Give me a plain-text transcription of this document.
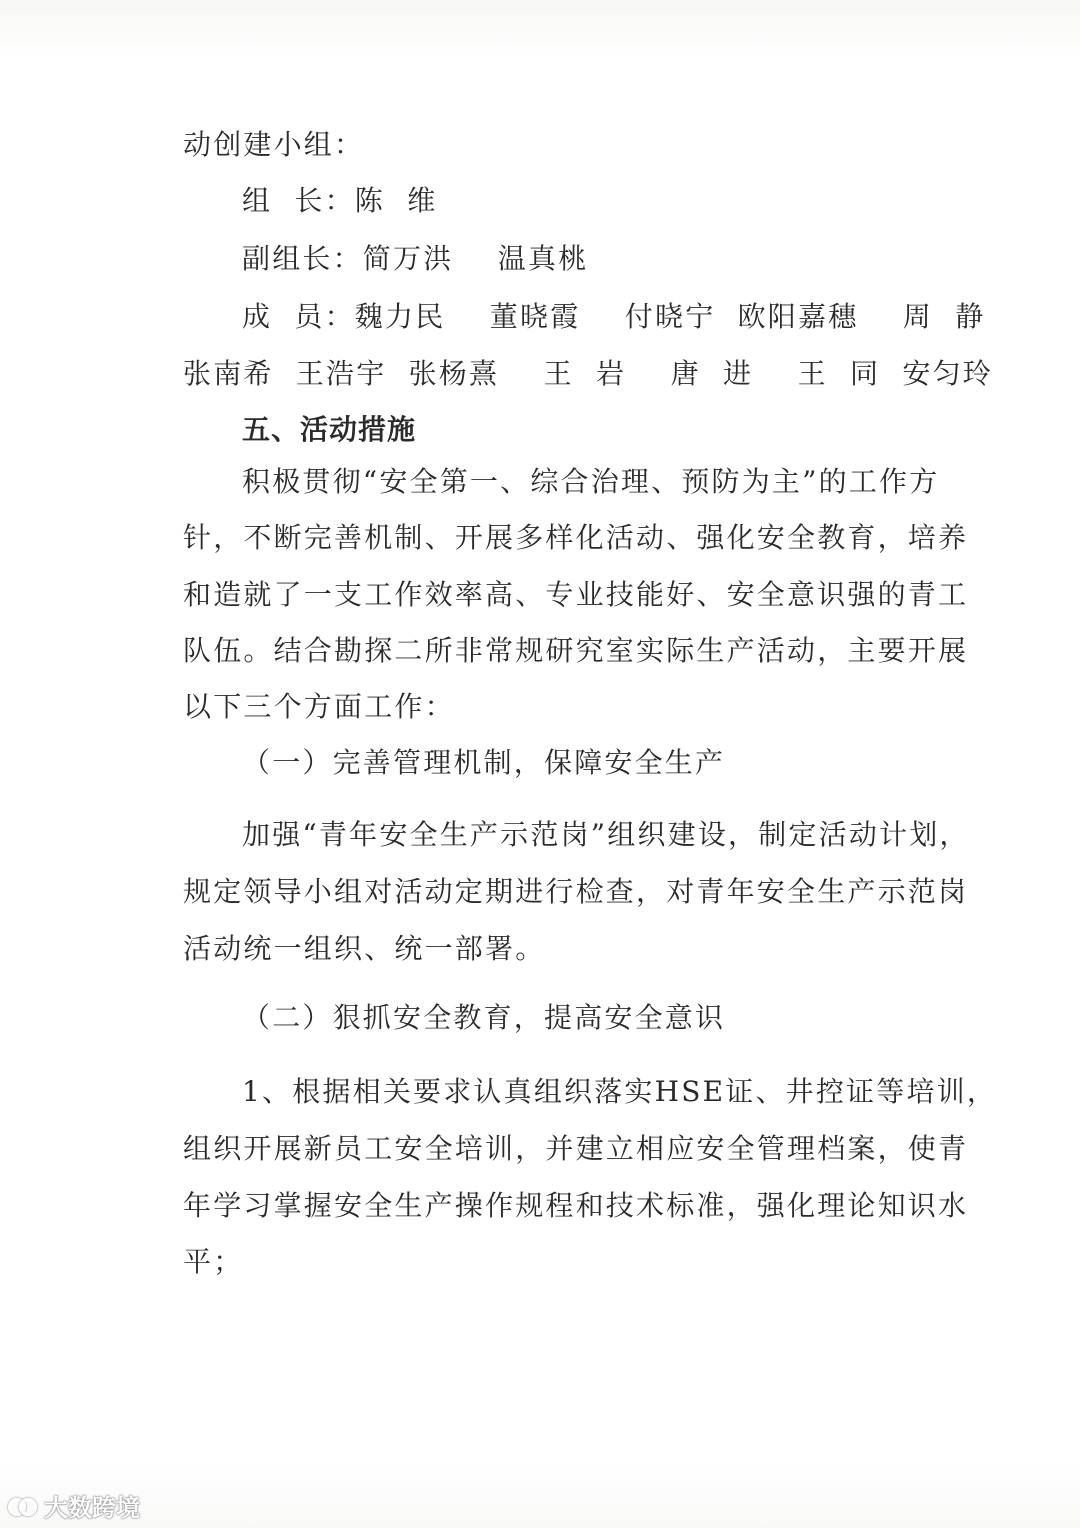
动创建小组：
组  长：陈  维
副组长：简万洪    温真桃
成  员：魏力民    董晓霞    付晓宁  欧阳嘉穗    周  静
张南希  王浩宇  张杨熹    王  岩    唐  进    王  同  安匀玲
五、活动措施
积极贯彻“安全第一、综合治理、预防为主”的工作方
针，不断完善机制、开展多样化活动、强化安全教育，培养
和造就了一支工作效率高、专业技能好、安全意识强的青工
队伍。结合勘探二所非常规研究室实际生产活动，主要开展
以下三个方面工作：
（一）完善管理机制，保障安全生产
加强“青年安全生产示范岗”组织建设，制定活动计划，
规定领导小组对活动定期进行检查，对青年安全生产示范岗
活动统一组织、统一部署。
（二）狠抓安全教育，提高安全意识
1、根据相关要求认真组织落实HSE证、井控证等培训，
组织开展新员工安全培训，并建立相应安全管理档案，使青
年学习掌握安全生产操作规程和技术标准，强化理论知识水
平；
大数跨境
